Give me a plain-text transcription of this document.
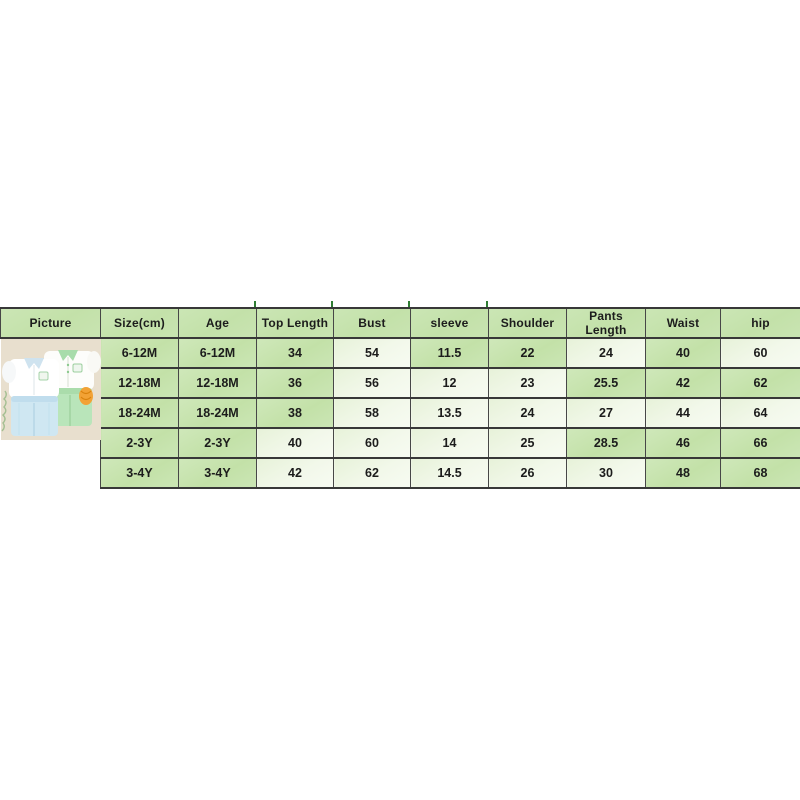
Picture	Size(cm)	Age	Top Length	Bust	sleeve	Shoulder	Pants Length	Waist	hip

	6-12M	6-12M	34	54	11.5	22	24	40	60
	12-18M	12-18M	36	56	12	23	25.5	42	62
	18-24M	18-24M	38	58	13.5	24	27	44	64
	2-3Y	2-3Y	40	60	14	25	28.5	46	66
	3-4Y	3-4Y	42	62	14.5	26	30	48	68
